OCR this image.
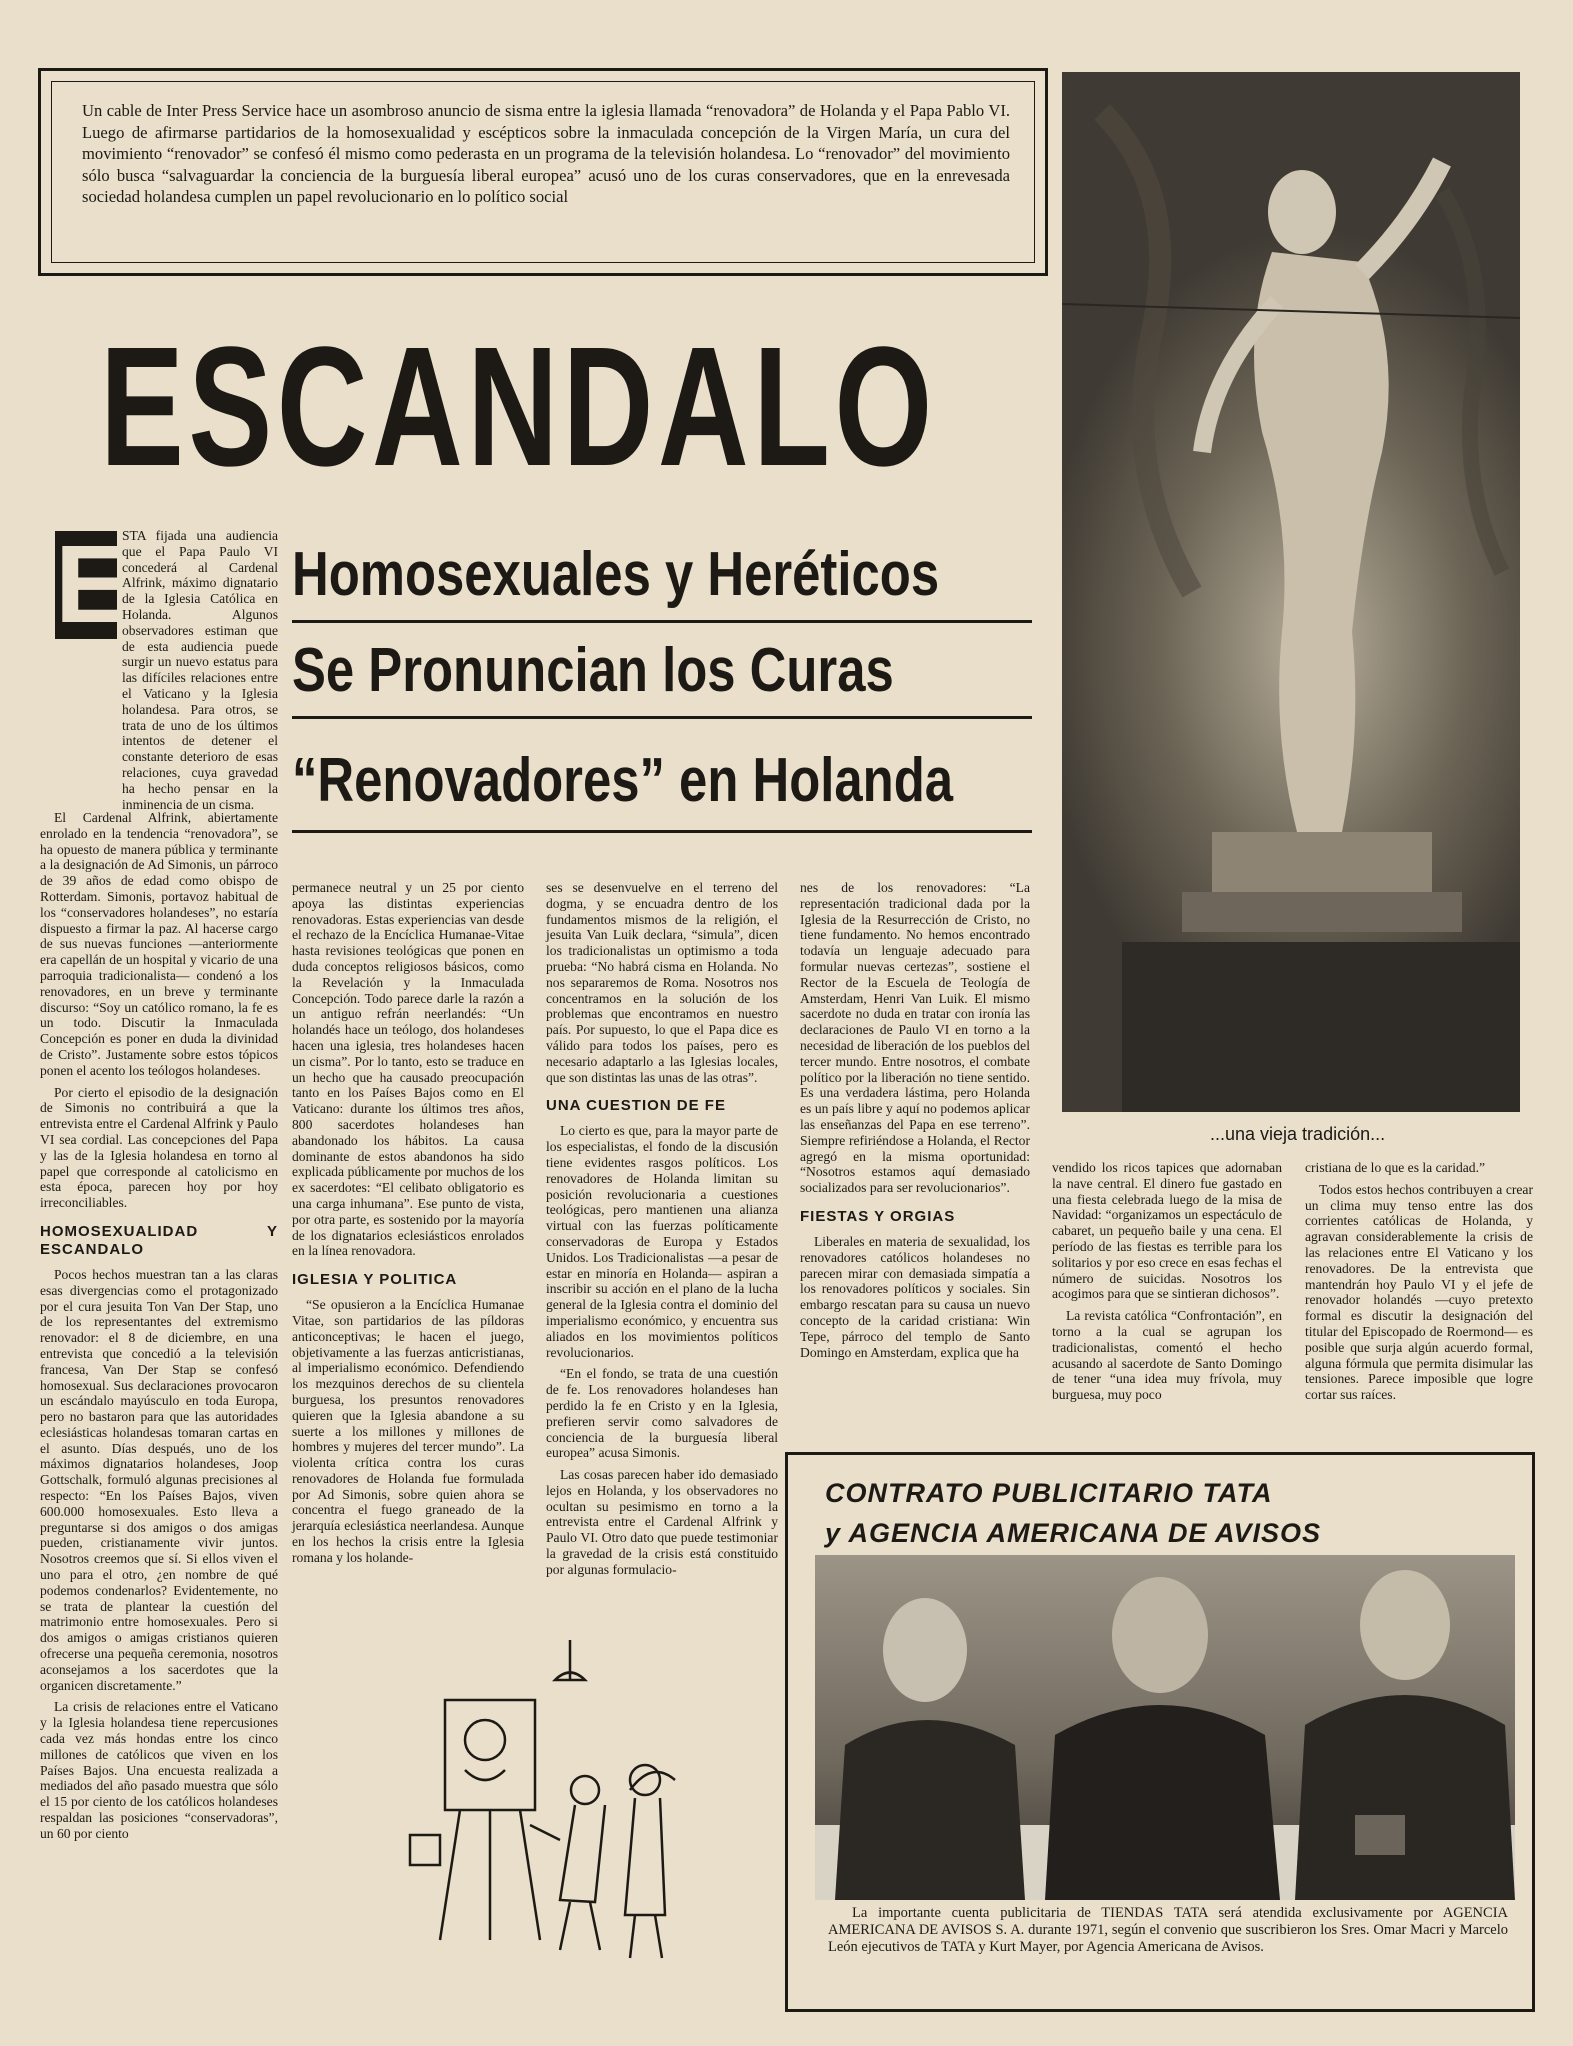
Un cable de Inter Press Service hace un asombroso anuncio de sisma entre la iglesia llamada “renovadora” de Holanda y el Papa Pablo VI. Luego de afirmarse partidarios de la homosexualidad y escépticos sobre la inmaculada concepción de la Virgen María, un cura del movimiento “renovador” se confesó él mismo como pederasta en un programa de la televisión holandesa. Lo “renovador” del movimiento sólo busca “salvaguardar la conciencia de la burguesía liberal europea” acusó uno de los curas conservadores, que en la enrevesada sociedad holandesa cumplen un papel revolucionario en lo político social
ESCANDALO
...una vieja tradición...
Homosexuales y Heréticos
Se Pronuncian los Curas
“Renovadores” en Holanda
E

STA fijada una audiencia que el Papa Paulo VI concederá al Cardenal Alfrink, máximo dignatario de la Iglesia Católica en Holanda. Algunos observadores estiman que de esta audiencia puede surgir un nuevo estatus para las difíciles relaciones entre el Vaticano y la Iglesia holandesa. Para otros, se trata de uno de los últimos intentos de detener el constante deterioro de esas relaciones, cuya gravedad ha hecho pensar en la inminencia de un cisma.

El Cardenal Alfrink, abiertamente enrolado en la tendencia “renovadora”, se ha opuesto de manera pública y terminante a la designación de Ad Simonis, un párroco de 39 años de edad como obispo de Rotterdam. Simonis, portavoz habitual de los “conservadores holandeses”, no estaría dispuesto a firmar la paz. Al hacerse cargo de sus nuevas funciones —anteriormente era capellán de un hospital y vicario de una parroquia tradicionalista— condenó a los renovadores, en un breve y terminante discurso: “Soy un católico romano, la fe es un todo. Discutir la Inmaculada Concepción es poner en duda la divinidad de Cristo”. Justamente sobre estos tópicos ponen el acento los teólogos holandeses.

Por cierto el episodio de la designación de Simonis no contribuirá a que la entrevista entre el Cardenal Alfrink y Paulo VI sea cordial. Las concepciones del Papa y las de la Iglesia holandesa en torno al papel que corresponde al catolicismo en esta época, parecen hoy por hoy irreconciliables.

HOMOSEXUALIDAD Y ESCANDALO

Pocos hechos muestran tan a las claras esas divergencias como el protagonizado por el cura jesuita Ton Van Der Stap, uno de los representantes del extremismo renovador: el 8 de diciembre, en una entrevista que concedió a la televisión francesa, Van Der Stap se confesó homosexual. Sus declaraciones provocaron un escándalo mayúsculo en toda Europa, pero no bastaron para que las autoridades eclesiásticas holandesas tomaran cartas en el asunto. Días después, uno de los máximos dignatarios holandeses, Joop Gottschalk, formuló algunas precisiones al respecto: “En los Países Bajos, viven 600.000 homosexuales. Esto lleva a preguntarse si dos amigos o dos amigas pueden, cristianamente vivir juntos. Nosotros creemos que sí. Si ellos viven el uno para el otro, ¿en nombre de qué podemos condenarlos? Evidentemente, no se trata de plantear la cuestión del matrimonio entre homosexuales. Pero si dos amigos o amigas cristianos quieren ofrecerse una pequeña ceremonia, nosotros aconsejamos a los sacerdotes que la organicen discretamente.”

La crisis de relaciones entre el Vaticano y la Iglesia holandesa tiene repercusiones cada vez más hondas entre los cinco millones de católicos que viven en los Países Bajos. Una encuesta realizada a mediados del año pasado muestra que sólo el 15 por ciento de los católicos holandeses respaldan las posiciones “conservadoras”, un 60 por ciento

permanece neutral y un 25 por ciento apoya las distintas experiencias renovadoras. Estas experiencias van desde el rechazo de la Encíclica Humanae-Vitae hasta revisiones teológicas que ponen en duda conceptos religiosos básicos, como la Revelación y la Inmaculada Concepción. Todo parece darle la razón a un antiguo refrán neerlandés: “Un holandés hace un teólogo, dos holandeses hacen una iglesia, tres holandeses hacen un cisma”. Por lo tanto, esto se traduce en un hecho que ha causado preocupación tanto en los Países Bajos como en El Vaticano: durante los últimos tres años, 800 sacerdotes holandeses han abandonado los hábitos. La causa dominante de estos abandonos ha sido explicada públicamente por muchos de los ex sacerdotes: “El celibato obligatorio es una carga inhumana”. Ese punto de vista, por otra parte, es sostenido por la mayoría de los dignatarios eclesiásticos enrolados en la línea renovadora.

IGLESIA Y POLITICA

“Se opusieron a la Encíclica Humanae Vitae, son partidarios de las píldoras anticonceptivas; le hacen el juego, objetivamente a las fuerzas anticristianas, al imperialismo económico. Defendiendo los mezquinos derechos de su clientela burguesa, los presuntos renovadores quieren que la Iglesia abandone a su suerte a los millones y millones de hombres y mujeres del tercer mundo”. La violenta crítica contra los curas renovadores de Holanda fue formulada por Ad Simonis, sobre quien ahora se concentra el fuego graneado de la jerarquía eclesiástica neerlandesa. Aunque en los hechos la crisis entre la Iglesia romana y los holande-

ses se desenvuelve en el terreno del dogma, y se encuadra dentro de los fundamentos mismos de la religión, el jesuita Van Luik declara, “simula”, dicen los tradicionalistas un optimismo a toda prueba: “No habrá cisma en Holanda. No nos separaremos de Roma. Nosotros nos concentramos en la solución de los problemas que encontramos en nuestro país. Por supuesto, lo que el Papa dice es válido para todos los países, pero es necesario adaptarlo a las Iglesias locales, que son distintas las unas de las otras”.

UNA CUESTION DE FE

Lo cierto es que, para la mayor parte de los especialistas, el fondo de la discusión tiene evidentes rasgos políticos. Los renovadores de Holanda limitan su posición revolucionaria a cuestiones teológicas, pero mantienen una alianza virtual con las fuerzas políticamente conservadoras de Europa y Estados Unidos. Los Tradicionalistas —a pesar de estar en minoría en Holanda— aspiran a inscribir su acción en el plano de la lucha general de la Iglesia contra el dominio del imperialismo económico, y encuentra sus aliados en los movimientos políticos revolucionarios.

“En el fondo, se trata de una cuestión de fe. Los renovadores holandeses han perdido la fe en Cristo y en la Iglesia, prefieren servir como salvadores de conciencia de la burguesía liberal europea” acusa Simonis.

Las cosas parecen haber ido demasiado lejos en Holanda, y los observadores no ocultan su pesimismo en torno a la entrevista entre el Cardenal Alfrink y Paulo VI. Otro dato que puede testimoniar la gravedad de la crisis está constituido por algunas formulacio-

nes de los renovadores: “La representación tradicional dada por la Iglesia de la Resurrección de Cristo, no tiene fundamento. No hemos encontrado todavía un lenguaje adecuado para formular nuevas certezas”, sostiene el Rector de la Escuela de Teología de Amsterdam, Henri Van Luik. El mismo sacerdote no duda en tratar con ironía las declaraciones de Paulo VI en torno a la necesidad de liberación de los pueblos del tercer mundo. Entre nosotros, el combate político por la liberación no tiene sentido. Es una verdadera lástima, pero Holanda es un país libre y aquí no podemos aplicar las enseñanzas del Papa en ese terreno”. Siempre refiriéndose a Holanda, el Rector agregó en la misma oportunidad: “Nosotros estamos aquí demasiado socializados para ser revolucionarios”.

FIESTAS Y ORGIAS

Liberales en materia de sexualidad, los renovadores católicos holandeses no parecen mirar con demasiada simpatía a los renovadores políticos y sociales. Sin embargo rescatan para su causa un nuevo concepto de la caridad cristiana: Win Tepe, párroco del templo de Santo Domingo en Amsterdam, explica que ha

vendido los ricos tapices que adornaban la nave central. El dinero fue gastado en una fiesta celebrada luego de la misa de Navidad: “organizamos un espectáculo de cabaret, un pequeño baile y una cena. El período de las fiestas es terrible para los solitarios y por eso crece en esas fechas el número de suicidas. Nosotros los acogimos para que se sintieran dichosos”.

La revista católica “Confrontación”, en torno a la cual se agrupan los tradicionalistas, comentó el hecho acusando al sacerdote de Santo Domingo de tener “una idea muy frívola, muy burguesa, muy poco

cristiana de lo que es la caridad.”

Todos estos hechos contribuyen a crear un clima muy tenso entre las dos corrientes católicas de Holanda, y agravan considerablemente la crisis de las relaciones entre El Vaticano y los renovadores. De la entrevista que mantendrán hoy Paulo VI y el jefe de renovador holandés —cuyo pretexto formal es discutir la designación del titular del Episcopado de Roermond— es posible que surja algún acuerdo formal, alguna fórmula que permita disimular las tensiones. Parece imposible que logre cortar sus raíces.

CONTRATO PUBLICITARIO TATA
y AGENCIA AMERICANA DE AVISOS
La importante cuenta publicitaria de TIENDAS TATA será atendida exclusivamente por AGENCIA AMERICANA DE AVISOS S. A. durante 1971, según el convenio que suscribieron los Sres. Omar Macri y Marcelo León ejecutivos de TATA y Kurt Mayer, por Agencia Americana de Avisos.
